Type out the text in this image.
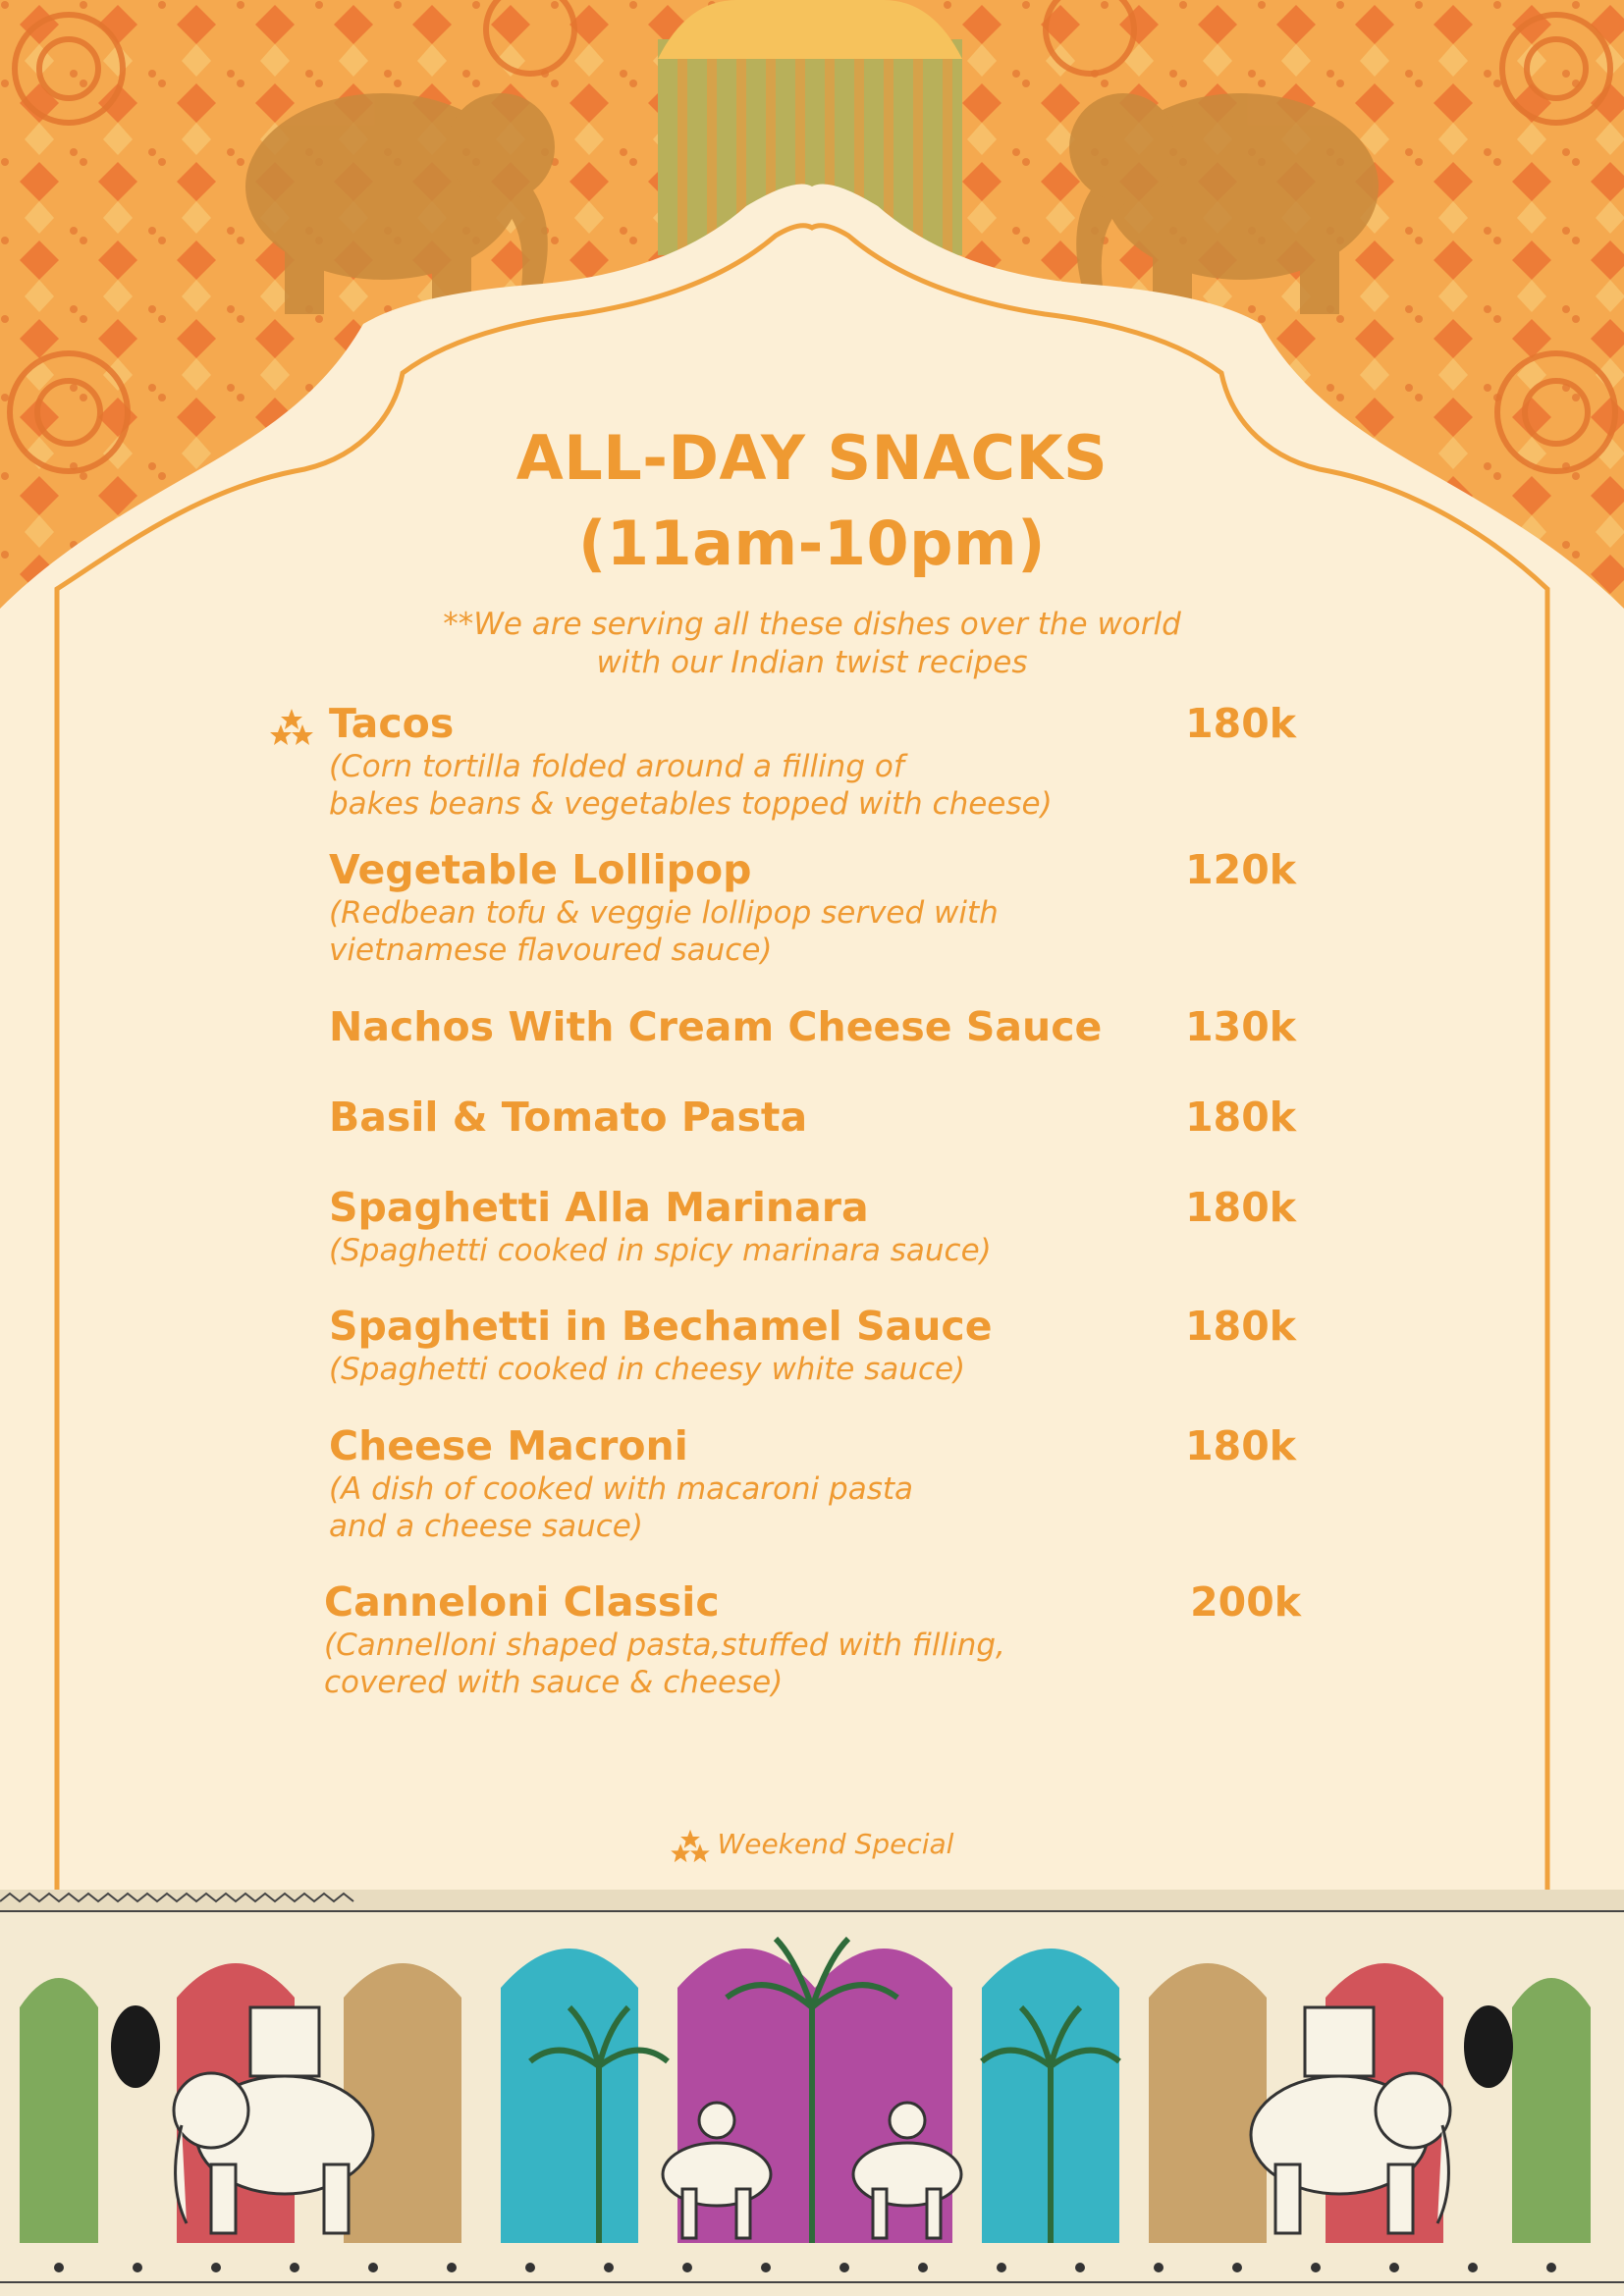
ALL-DAY SNACKS
(11am-10pm)
**We are serving all these dishes over the world
with our Indian twist recipes
Tacos
(Corn tortilla folded around a filling of
bakes beans & vegetables topped with cheese)
180k
Vegetable Lollipop
(Redbean tofu & veggie lollipop served with
vietnamese flavoured sauce)
120k
Nachos With Cream Cheese Sauce	130k
Basil & Tomato Pasta	180k
Spaghetti Alla Marinara
(Spaghetti cooked in spicy marinara sauce)
180k
Spaghetti in Bechamel Sauce
(Spaghetti cooked in cheesy white sauce)
180k
Cheese Macroni
(A dish of cooked with macaroni pasta
and a cheese sauce)
180k
Canneloni Classic
(Cannelloni shaped pasta,stuffed with filling,
covered with sauce & cheese)
200k
Weekend Special
